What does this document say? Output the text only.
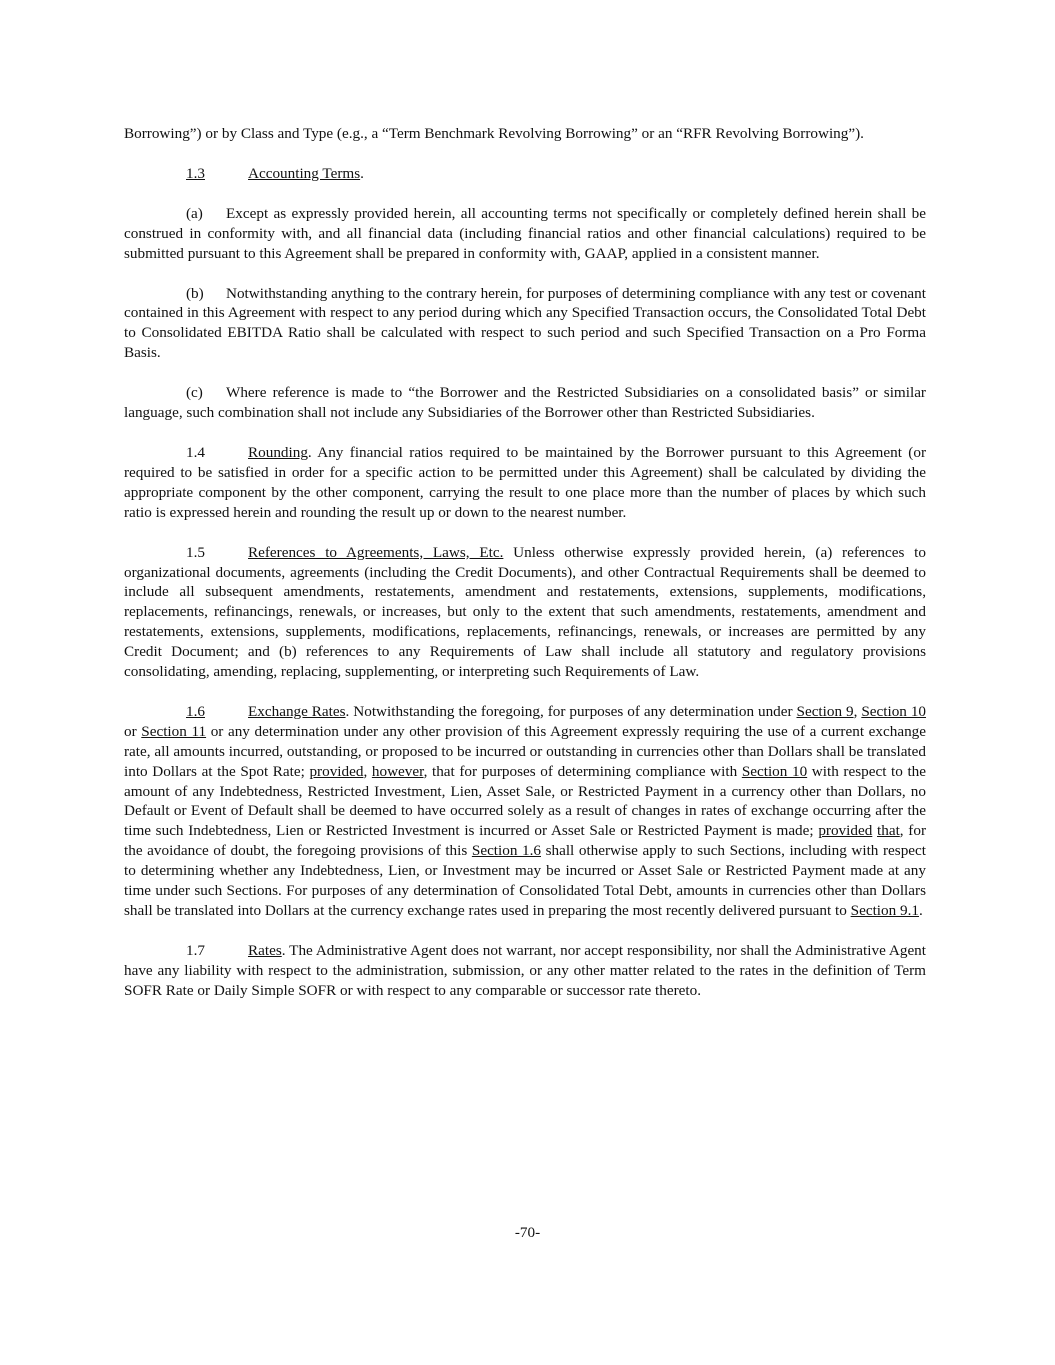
Borrowing”) or by Class and Type (e.g., a “Term Benchmark Revolving Borrowing” or an “RFR Revolving Borrowing”).

1.3	Accounting Terms.

(a) Except as expressly provided herein, all accounting terms not specifically or completely defined herein shall be construed in conformity with, and all financial data (including financial ratios and other financial calculations) required to be submitted pursuant to this Agreement shall be prepared in conformity with, GAAP, applied in a consistent manner.

(b) Notwithstanding anything to the contrary herein, for purposes of determining compliance with any test or covenant contained in this Agreement with respect to any period during which any Specified Transaction occurs, the Consolidated Total Debt to Consolidated EBITDA Ratio shall be calculated with respect to such period and such Specified Transaction on a Pro Forma Basis.

(c) Where reference is made to “the Borrower and the Restricted Subsidiaries on a consolidated basis” or similar language, such combination shall not include any Subsidiaries of the Borrower other than Restricted Subsidiaries.

1.4	Rounding. Any financial ratios required to be maintained by the Borrower pursuant to this Agreement (or required to be satisfied in order for a specific action to be permitted under this Agreement) shall be calculated by dividing the appropriate component by the other component, carrying the result to one place more than the number of places by which such ratio is expressed herein and rounding the result up or down to the nearest number.

1.5	References to Agreements, Laws, Etc. Unless otherwise expressly provided herein, (a) references to organizational documents, agreements (including the Credit Documents), and other Contractual Requirements shall be deemed to include all subsequent amendments, restatements, amendment and restatements, extensions, supplements, modifications, replacements, refinancings, renewals, or increases, but only to the extent that such amendments, restatements, amendment and restatements, extensions, supplements, modifications, replacements, refinancings, renewals, or increases are permitted by any Credit Document; and (b) references to any Requirements of Law shall include all statutory and regulatory provisions consolidating, amending, replacing, supplementing, or interpreting such Requirements of Law.

1.6	Exchange Rates. Notwithstanding the foregoing, for purposes of any determination under Section 9, Section 10 or Section 11 or any determination under any other provision of this Agreement expressly requiring the use of a current exchange rate, all amounts incurred, outstanding, or proposed to be incurred or outstanding in currencies other than Dollars shall be translated into Dollars at the Spot Rate; provided, however, that for purposes of determining compliance with Section 10 with respect to the amount of any Indebtedness, Restricted Investment, Lien, Asset Sale, or Restricted Payment in a currency other than Dollars, no Default or Event of Default shall be deemed to have occurred solely as a result of changes in rates of exchange occurring after the time such Indebtedness, Lien or Restricted Investment is incurred or Asset Sale or Restricted Payment is made; provided that, for the avoidance of doubt, the foregoing provisions of this Section 1.6 shall otherwise apply to such Sections, including with respect to determining whether any Indebtedness, Lien, or Investment may be incurred or Asset Sale or Restricted Payment made at any time under such Sections. For purposes of any determination of Consolidated Total Debt, amounts in currencies other than Dollars shall be translated into Dollars at the currency exchange rates used in preparing the most recently delivered pursuant to Section 9.1.

1.7	Rates. The Administrative Agent does not warrant, nor accept responsibility, nor shall the Administrative Agent have any liability with respect to the administration, submission, or any other matter related to the rates in the definition of Term SOFR Rate or Daily Simple SOFR or with respect to any comparable or successor rate thereto.

-70-
